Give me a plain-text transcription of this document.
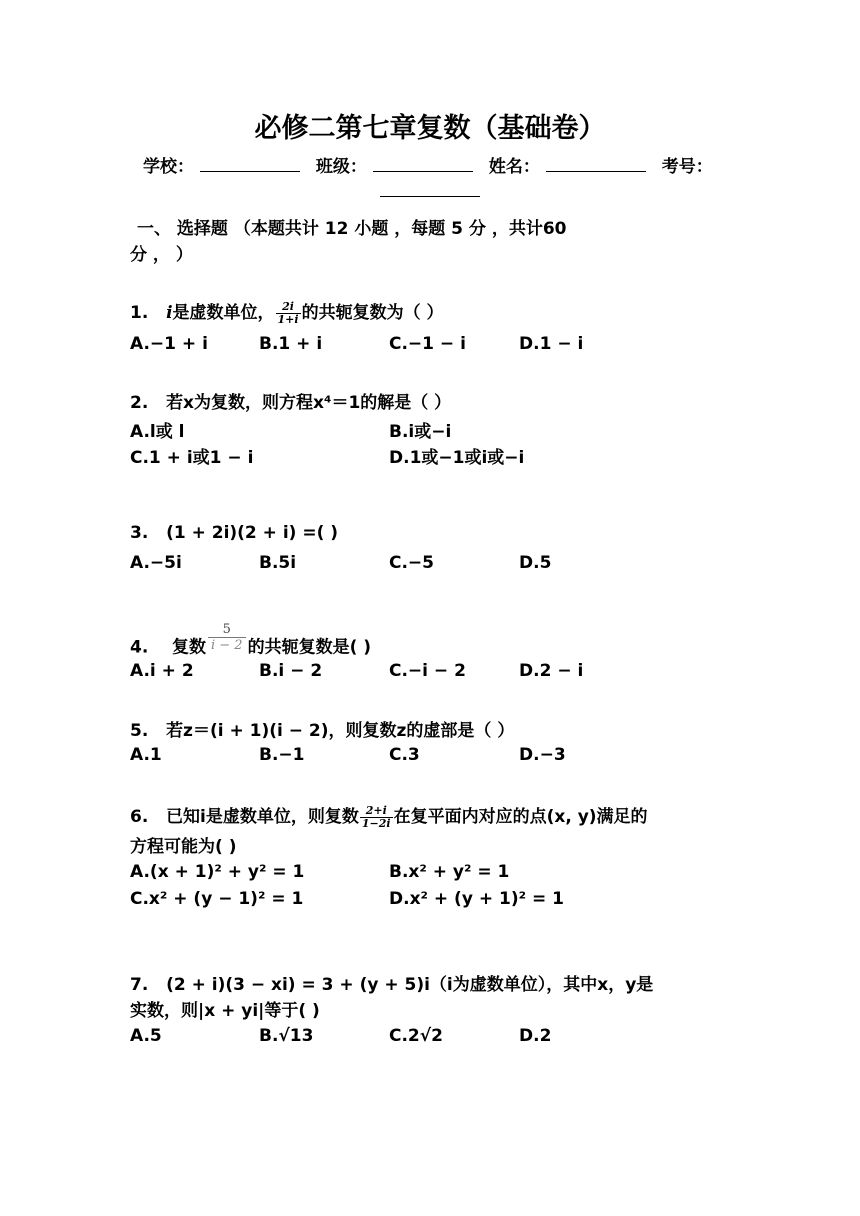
必修二第七章复数（基础卷）
学校：	班级：	姓名：	考号：
一、 选择题 （本题共计 12 小题 ，每题 5 分 ，共计60
分 ， ）
1. i是虚数单位， $\frac{2i}{1+i}$ 的共轭复数为（ ）
A.−1 + i	B.1 + i	C.−1 − i	D.1 − i
2. 若x为复数，则方程x⁴＝1的解是（ ）
A.l或 l	B.i或−i
C.1 + i或1 − i	D.1或−1或i或−i
3. (1 + 2i)(2 + i) =( )
A.−5i	B.5i	C.−5	D.5
4. 复数 $\frac{5}{i - 2}$ 的共轭复数是( )
A.i + 2	B.i − 2	C.−i − 2	D.2 − i
5. 若z＝(i + 1)(i − 2)，则复数z的虚部是（ ）
A.1	B.−1	C.3	D.−3
6. 已知i是虚数单位，则复数 $\frac{2+i}{1-2i}$ 在复平面内对应的点(x, y)满足的
方程可能为( )
A.(x + 1)² + y² = 1	B.x² + y² = 1
C.x² + (y − 1)² = 1	D.x² + (y + 1)² = 1
7. (2 + i)(3 − xi) = 3 + (y + 5)i（i为虚数单位），其中x，y是
实数，则|x + yi|等于( )
A.5	B.√13	C.2√2	D.2
